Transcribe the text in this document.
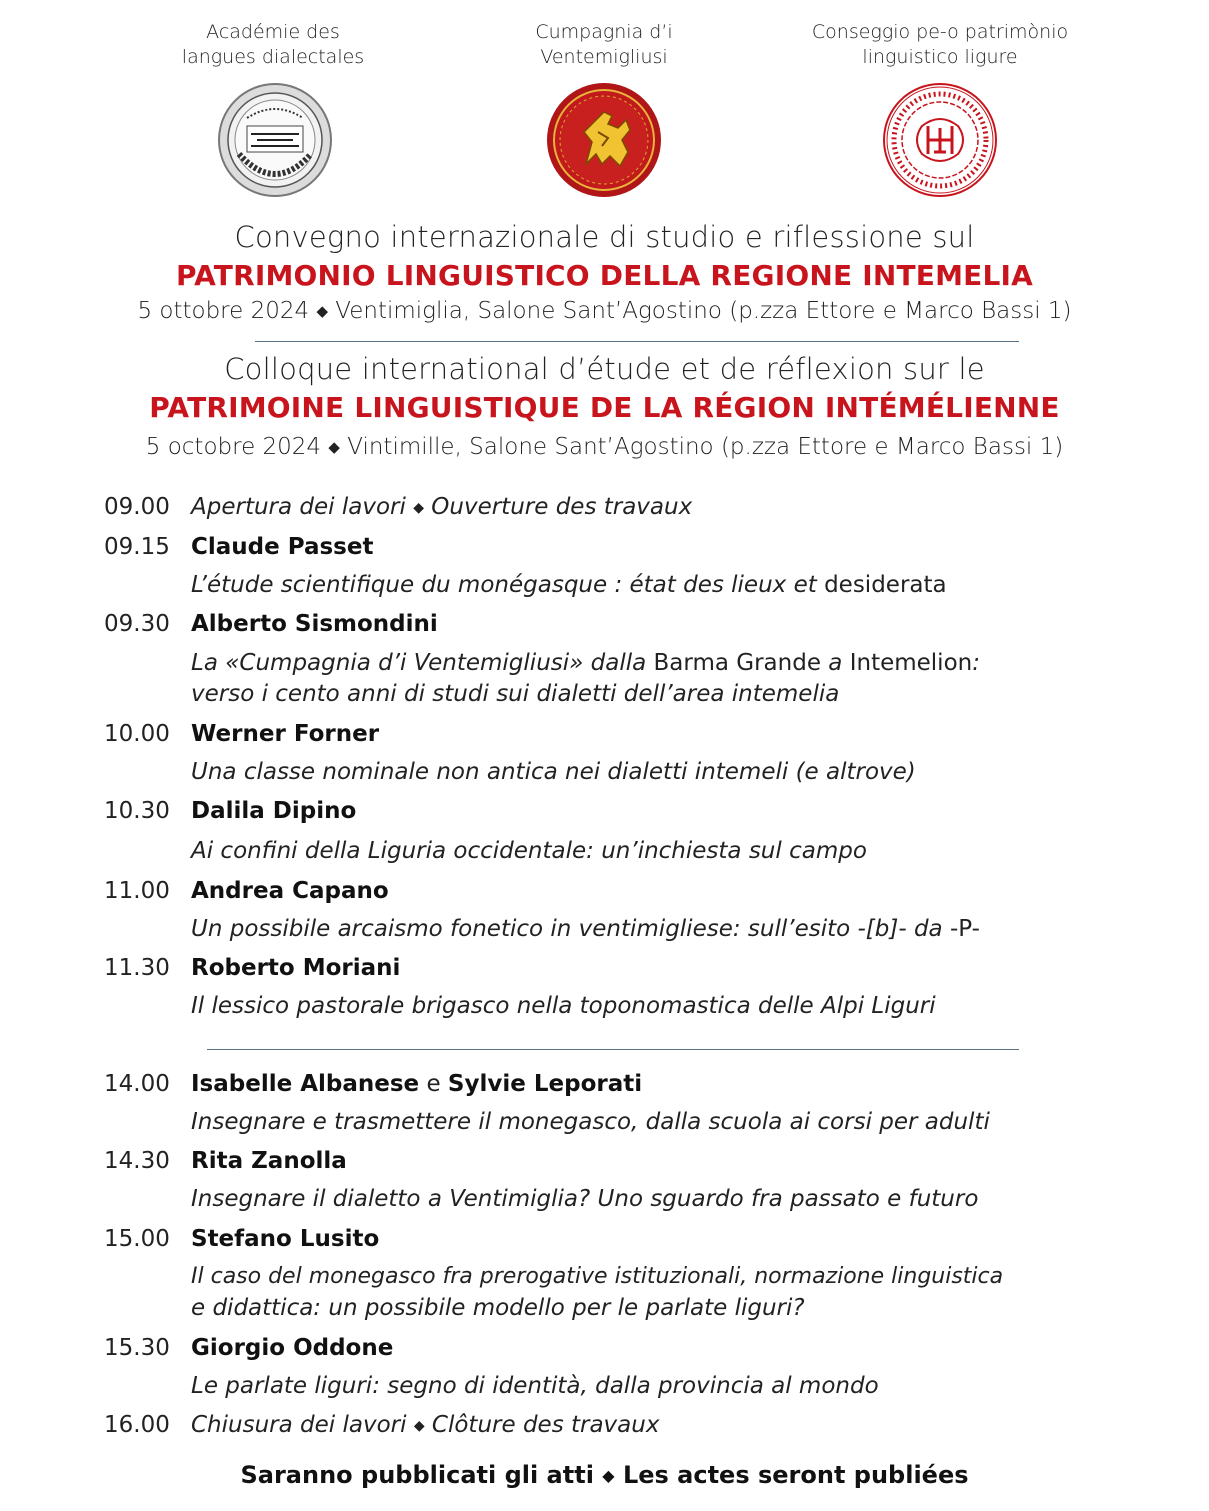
Académie des
langues dialectales
Cumpagnia d’i
Ventemigliusi
Conseggio pe-o patrimònio
linguistico ligure
Convegno internazionale di studio e riflessione sul
PATRIMONIO LINGUISTICO DELLA REGIONE INTEMELIA
5 ottobre 2024 ◆ Ventimiglia, Salone Sant’Agostino (p.zza Ettore e Marco Bassi 1)
Colloque international d’étude et de réflexion sur le
PATRIMOINE LINGUISTIQUE DE LA RÉGION INTÉMÉLIENNE
5 octobre 2024 ◆ Vintimille, Salone Sant’Agostino (p.zza Ettore e Marco Bassi 1)
09.00 Apertura dei lavori ◆ Ouverture des travaux
09.15 Claude Passet
L’étude scientifique du monégasque : état des lieux et desiderata
09.30 Alberto Sismondini
La «Cumpagnia d’i Ventemigliusi» dalla Barma Grande a Intemelion:
verso i cento anni di studi sui dialetti dell’area intemelia
10.00 Werner Forner
Una classe nominale non antica nei dialetti intemeli (e altrove)
10.30 Dalila Dipino
Ai confini della Liguria occidentale: un’inchiesta sul campo
11.00 Andrea Capano
Un possibile arcaismo fonetico in ventimigliese: sull’esito -[b]- da -P-
11.30 Roberto Moriani
Il lessico pastorale brigasco nella toponomastica delle Alpi Liguri
14.00 Isabelle Albanese e Sylvie Leporati
Insegnare e trasmettere il monegasco, dalla scuola ai corsi per adulti
14.30 Rita Zanolla
Insegnare il dialetto a Ventimiglia? Uno sguardo fra passato e futuro
15.00 Stefano Lusito
Il caso del monegasco fra prerogative istituzionali, normazione linguistica
e didattica: un possibile modello per le parlate liguri?
15.30 Giorgio Oddone
Le parlate liguri: segno di identità, dalla provincia al mondo
16.00 Chiusura dei lavori ◆ Clôture des travaux
Saranno pubblicati gli atti ◆ Les actes seront publiées
